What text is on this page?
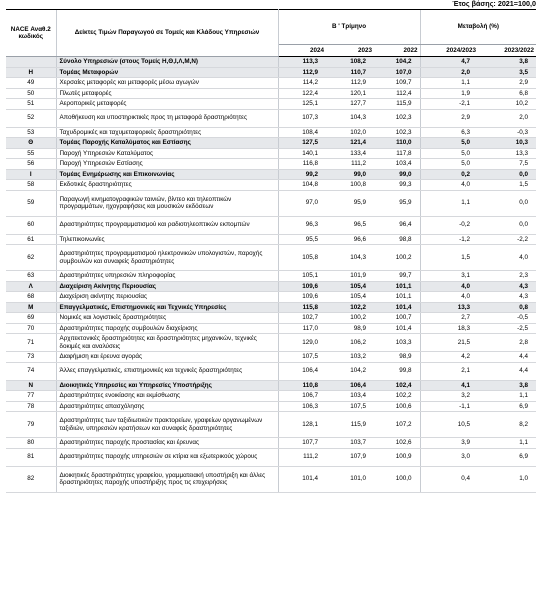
Έτος βάσης: 2021=100,0
NACE Αναθ.2 κωδικός	Δείκτες Τιμών Παραγωγού σε Τομείς και Κλάδους Υπηρεσιών	Β ' Τρίμηνο			Μεταβολή (%)	
		2024	2023	2022	2024/2023	2023/2022
	Σύνολο Υπηρεσιών (στους Τομείς Η,Θ,Ι,Λ,Μ,Ν)	113,3	108,2	104,2	4,7	3,8
Η	Τομέας Μεταφορών	112,9	110,7	107,0	2,0	3,5
49	Χερσαίες μεταφορές και μεταφορές μέσω αγωγών	114,2	112,9	109,7	1,1	2,9
50	Πλωτές μεταφορές	122,4	120,1	112,4	1,9	6,8
51	Αεροπορικές μεταφορές	125,1	127,7	115,9	-2,1	10,2
52	Αποθήκευση και υποστηρικτικές προς τη μεταφορά δραστηριότητες	107,3	104,3	102,3	2,9	2,0
53	Ταχυδρομικές και ταχυμεταφορικές δραστηριότητες	108,4	102,0	102,3	6,3	-0,3
Θ	Τομέας Παροχής Καταλύματος και Εστίασης	127,5	121,4	110,0	5,0	10,3
55	Παροχή Υπηρεσιών Καταλύματος	140,1	133,4	117,8	5,0	13,3
56	Παροχή Υπηρεσιών Εστίασης	116,8	111,2	103,4	5,0	7,5
Ι	Τομέας Ενημέρωσης και Επικοινωνίας	99,2	99,0	99,0	0,2	0,0
58	Εκδοτικές δραστηριότητες	104,8	100,8	99,3	4,0	1,5
59	Παραγωγή κινηματογραφικών ταινιών, βίντεο και τηλεοπτικών προγραμμάτων, ηχογραφήσεις και μουσικών εκδόσεων	97,0	95,9	95,9	1,1	0,0
60	Δραστηριότητες προγραμματισμού και ραδιοτηλεοπτικών εκπομπών	96,3	96,5	96,4	-0,2	0,0
61	Τηλεπικοινωνίες	95,5	96,6	98,8	-1,2	-2,2
62	Δραστηριότητες προγραμματισμού ηλεκτρονικών υπολογιστών, παροχής συμβουλών και συναφείς δραστηριότητες	105,8	104,3	100,2	1,5	4,0
63	Δραστηριότητες υπηρεσιών πληροφορίας	105,1	101,9	99,7	3,1	2,3
Λ	Διαχείριση Ακίνητης Περιουσίας	109,6	105,4	101,1	4,0	4,3
68	Διαχείριση ακίνητης περιουσίας	109,6	105,4	101,1	4,0	4,3
Μ	Επαγγελματικές, Επιστημονικές και Τεχνικές Υπηρεσίες	115,8	102,2	101,4	13,3	0,8
69	Νομικές και λογιστικές δραστηριότητες	102,7	100,2	100,7	2,7	-0,5
70	Δραστηριότητες παροχής συμβουλών διαχείρισης	117,0	98,9	101,4	18,3	-2,5
71	Αρχιτεκτονικές δραστηριότητες και δραστηριότητες μηχανικών, τεχνικές δοκιμές και αναλύσεις	129,0	106,2	103,3	21,5	2,8
73	Διαφήμιση και έρευνα αγοράς	107,5	103,2	98,9	4,2	4,4
74	Άλλες επαγγελματικές, επιστημονικές και τεχνικές δραστηριότητες	106,4	104,2	99,8	2,1	4,4
Ν	Διοικητικές Υπηρεσίες και Υπηρεσίες Υποστήριξης	110,8	106,4	102,4	4,1	3,8
77	Δραστηριότητες ενοικίασης και εκμίσθωσης	106,7	103,4	102,2	3,2	1,1
78	Δραστηριότητες απασχόλησης	106,3	107,5	100,6	-1,1	6,9
79	Δραστηριότητες των ταξιδιωτικών πρακτορείων, γραφείων οργανωμένων ταξιδιών, υπηρεσιών κρατήσεων και συναφείς δραστηριότητες	128,1	115,9	107,2	10,5	8,2
80	Δραστηριότητες παροχής προστασίας και έρευνας	107,7	103,7	102,6	3,9	1,1
81	Δραστηριότητες παροχής υπηρεσιών σε κτίρια και εξωτερικούς χώρους	111,2	107,9	100,9	3,0	6,9
82	Διοικητικές δραστηριότητες γραφείου, γραμματειακή υποστήριξη και άλλες δραστηριότητες παροχής υποστήριξης προς τις επιχειρήσεις	101,4	101,0	100,0	0,4	1,0
